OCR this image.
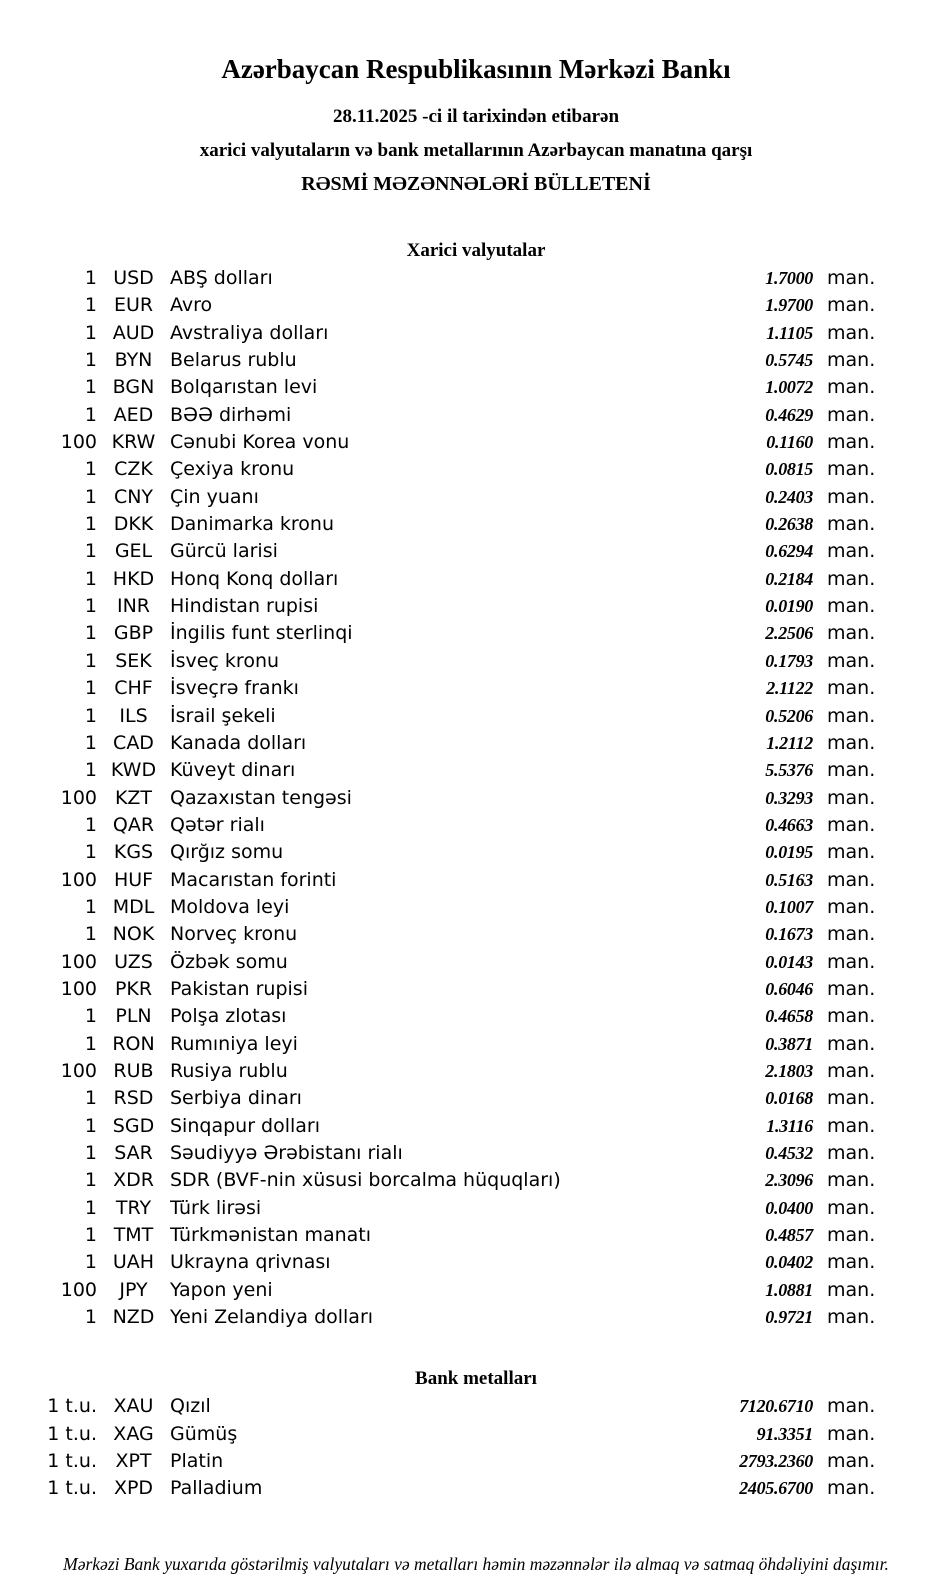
Azərbaycan Respublikasının Mərkəzi Bankı
28.11.2025 -ci il tarixindən etibarən
xarici valyutaların və bank metallarının Azərbaycan manatına qarşı
RƏSMİ MƏZƏNNƏLƏRİ BÜLLETENİ
Xarici valyutalar
1 USD ABŞ dolları	1.7000 man.
1 EUR Avro	1.9700 man.
1 AUD Avstraliya dolları	1.1105 man.
1 BYN Belarus rublu	0.5745 man.
1 BGN Bolqarıstan levi	1.0072 man.
1 AED BƏƏ dirhəmi	0.4629 man.
100 KRW Cənubi Korea vonu	0.1160 man.
1 CZK Çexiya kronu	0.0815 man.
1 CNY Çin yuanı	0.2403 man.
1 DKK Danimarka kronu	0.2638 man.
1 GEL Gürcü larisi	0.6294 man.
1 HKD Honq Konq dolları	0.2184 man.
1	INR	Hindistan rupisi	0.0190 man.
1 GBP İngilis funt sterlinqi	2.2506 man.
1 SEK İsveç kronu	0.1793 man.
1 CHF İsveçrə frankı	2.1122 man.
1	ILS	İsrail şekeli	0.5206 man.
1 CAD Kanada dolları	1.2112 man.
1 KWD Küveyt dinarı	5.5376 man.
100 KZT Qazaxıstan tengəsi	0.3293 man.
1 QAR Qətər rialı	0.4663 man.
1 KGS Qırğız somu	0.0195 man.
100 HUF Macarıstan forinti	0.5163 man.
1 MDL Moldova leyi	0.1007 man.
1 NOK Norveç kronu	0.1673 man.
100 UZS Özbək somu	0.0143 man.
100 PKR Pakistan rupisi	0.6046 man.
1 PLN Polşa zlotası	0.4658 man.
1 RON Rumıniya leyi	0.3871 man.
100 RUB Rusiya rublu	2.1803 man.
1 RSD Serbiya dinarı	0.0168 man.
1 SGD Sinqapur dolları	1.3116 man.
1 SAR Səudiyyə Ərəbistanı rialı	0.4532 man.
1 XDR SDR (BVF-nin xüsusi borcalma hüquqları)	2.3096 man.
1 TRY Türk lirəsi	0.0400 man.
1 TMT Türkmənistan manatı	0.4857 man.
1 UAH Ukrayna qrivnası	0.0402 man.
100	JPY	Yapon yeni	1.0881 man.
1 NZD Yeni Zelandiya dolları	0.9721 man.
Bank metalları
1 t.u. XAU Qızıl	7120.6710 man.
1 t.u. XAG Gümüş	91.3351 man.
1 t.u. XPT Platin	2793.2360 man.
1 t.u. XPD Palladium	2405.6700 man.
Mərkəzi Bank yuxarıda göstərilmiş valyutaları və metalları həmin məzənnələr ilə almaq və satmaq öhdəliyini daşımır.
